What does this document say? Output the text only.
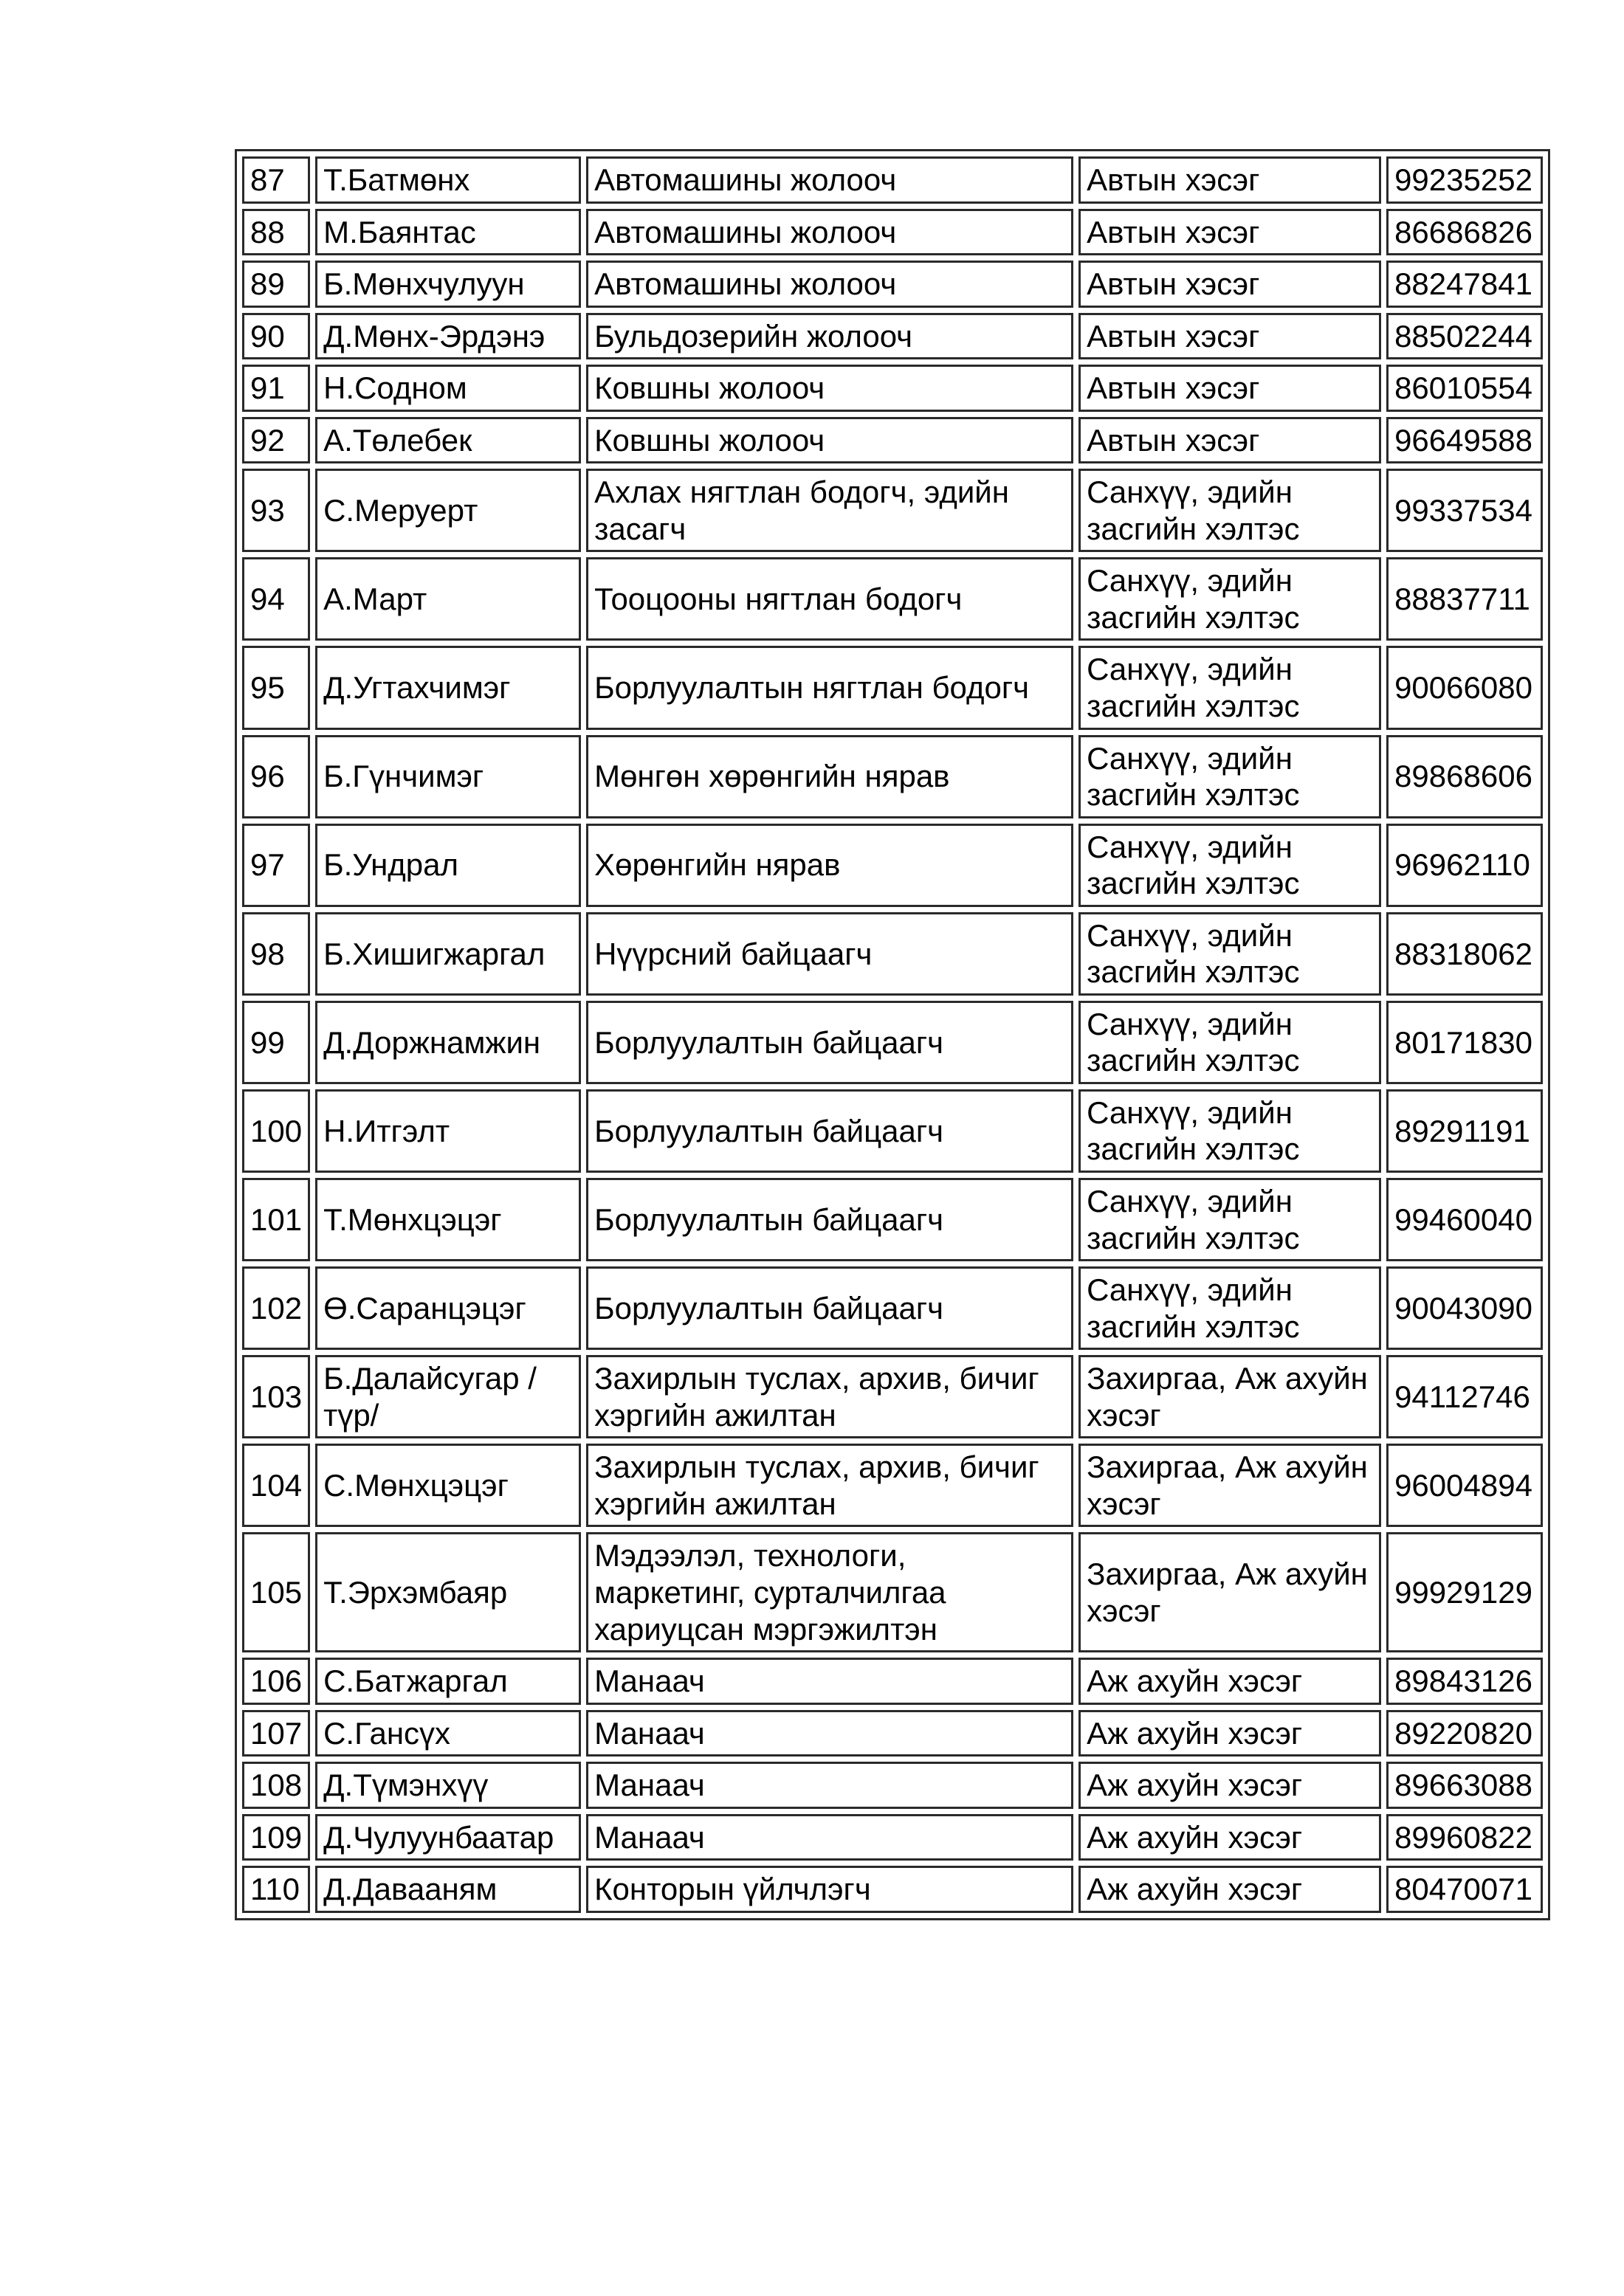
87	Т.Батмөнх	Автомашины жолооч	Автын хэсэг	99235252
88	М.Баянтас	Автомашины жолооч	Автын хэсэг	86686826
89	Б.Мөнхчулуун	Автомашины жолооч	Автын хэсэг	88247841
90	Д.Мөнх-Эрдэнэ	Бульдозерийн жолооч	Автын хэсэг	88502244
91	Н.Содном	Ковшны жолооч	Автын хэсэг	86010554
92	А.Төлебек	Ковшны жолооч	Автын хэсэг	96649588
93	С.Меруерт	Ахлах нягтлан бодогч, эдийн засагч	Санхүү, эдийн засгийн хэлтэс	99337534
94	А.Март	Тооцооны нягтлан бодогч	Санхүү, эдийн засгийн хэлтэс	88837711
95	Д.Угтахчимэг	Борлуулалтын нягтлан бодогч	Санхүү, эдийн засгийн хэлтэс	90066080
96	Б.Гүнчимэг	Мөнгөн хөрөнгийн нярав	Санхүү, эдийн засгийн хэлтэс	89868606
97	Б.Ундрал	Хөрөнгийн нярав	Санхүү, эдийн засгийн хэлтэс	96962110
98	Б.Хишигжаргал	Нүүрсний байцаагч	Санхүү, эдийн засгийн хэлтэс	88318062
99	Д.Доржнамжин	Борлуулалтын байцаагч	Санхүү, эдийн засгийн хэлтэс	80171830
100	Н.Итгэлт	Борлуулалтын байцаагч	Санхүү, эдийн засгийн хэлтэс	89291191
101	Т.Мөнхцэцэг	Борлуулалтын байцаагч	Санхүү, эдийн засгийн хэлтэс	99460040
102	Ө.Саранцэцэг	Борлуулалтын байцаагч	Санхүү, эдийн засгийн хэлтэс	90043090
103	Б.Далайсугар /түр/	Захирлын туслах, архив, бичиг хэргийн ажилтан	Захиргаа, Аж ахуйн хэсэг	94112746
104	С.Мөнхцэцэг	Захирлын туслах, архив, бичиг хэргийн ажилтан	Захиргаа, Аж ахуйн хэсэг	96004894
105	Т.Эрхэмбаяр	Мэдээлэл, технологи, маркетинг, сурталчилгаа хариуцсан мэргэжилтэн	Захиргаа, Аж ахуйн хэсэг	99929129
106	С.Батжаргал	Манаач	Аж ахуйн хэсэг	89843126
107	С.Гансүх	Манаач	Аж ахуйн хэсэг	89220820
108	Д.Түмэнхүү	Манаач	Аж ахуйн хэсэг	89663088
109	Д.Чулуунбаатар	Манаач	Аж ахуйн хэсэг	89960822
110	Д.Давааням	Конторын үйлчлэгч	Аж ахуйн хэсэг	80470071
